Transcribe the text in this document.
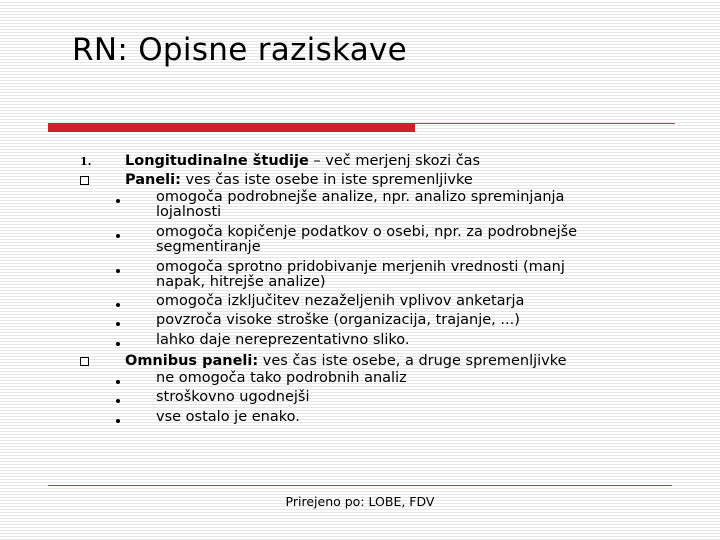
RN: Opisne raziskave
1. Longitudinalne študije – več merjenj skozi čas
Paneli: ves čas iste osebe in iste spremenljivke
omogoča podrobnejše analize, npr. analizo spreminjanja
lojalnosti
omogoča kopičenje podatkov o osebi, npr. za podrobnejše
segmentiranje
omogoča sprotno pridobivanje merjenih vrednosti (manj
napak, hitrejše analize)
omogoča izključitev nezaželjenih vplivov anketarja
povzroča visoke stroške (organizacija, trajanje, ...)
lahko daje nereprezentativno sliko.
Omnibus paneli: ves čas iste osebe, a druge spremenljivke
ne omogoča tako podrobnih analiz
stroškovno ugodnejši
vse ostalo je enako.
Prirejeno po: LOBE, FDV
